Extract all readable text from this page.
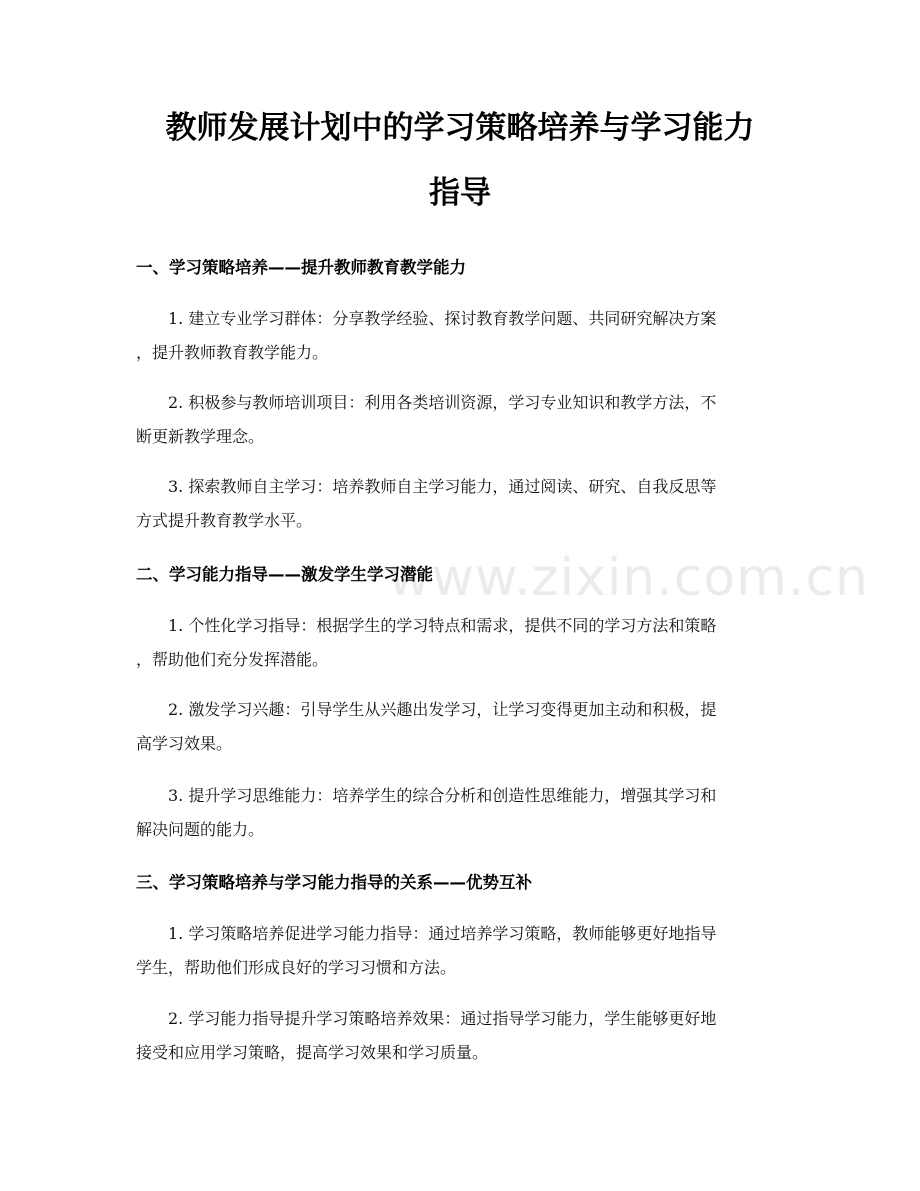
教师发展计划中的学习策略培养与学习能力
指导
www.zixin.com.cn
一、学习策略培养——提升教师教育教学能力

1. 建立专业学习群体：分享教学经验、探讨教育教学问题、共同研究解决方案

，提升教师教育教学能力。

2. 积极参与教师培训项目：利用各类培训资源，学习专业知识和教学方法，不

断更新教学理念。

3. 探索教师自主学习：培养教师自主学习能力，通过阅读、研究、自我反思等

方式提升教育教学水平。

二、学习能力指导——激发学生学习潜能

1. 个性化学习指导：根据学生的学习特点和需求，提供不同的学习方法和策略

，帮助他们充分发挥潜能。

2. 激发学习兴趣：引导学生从兴趣出发学习，让学习变得更加主动和积极，提

高学习效果。

3. 提升学习思维能力：培养学生的综合分析和创造性思维能力，增强其学习和

解决问题的能力。

三、学习策略培养与学习能力指导的关系——优势互补

1. 学习策略培养促进学习能力指导：通过培养学习策略，教师能够更好地指导

学生，帮助他们形成良好的学习习惯和方法。

2. 学习能力指导提升学习策略培养效果：通过指导学习能力，学生能够更好地

接受和应用学习策略，提高学习效果和学习质量。
